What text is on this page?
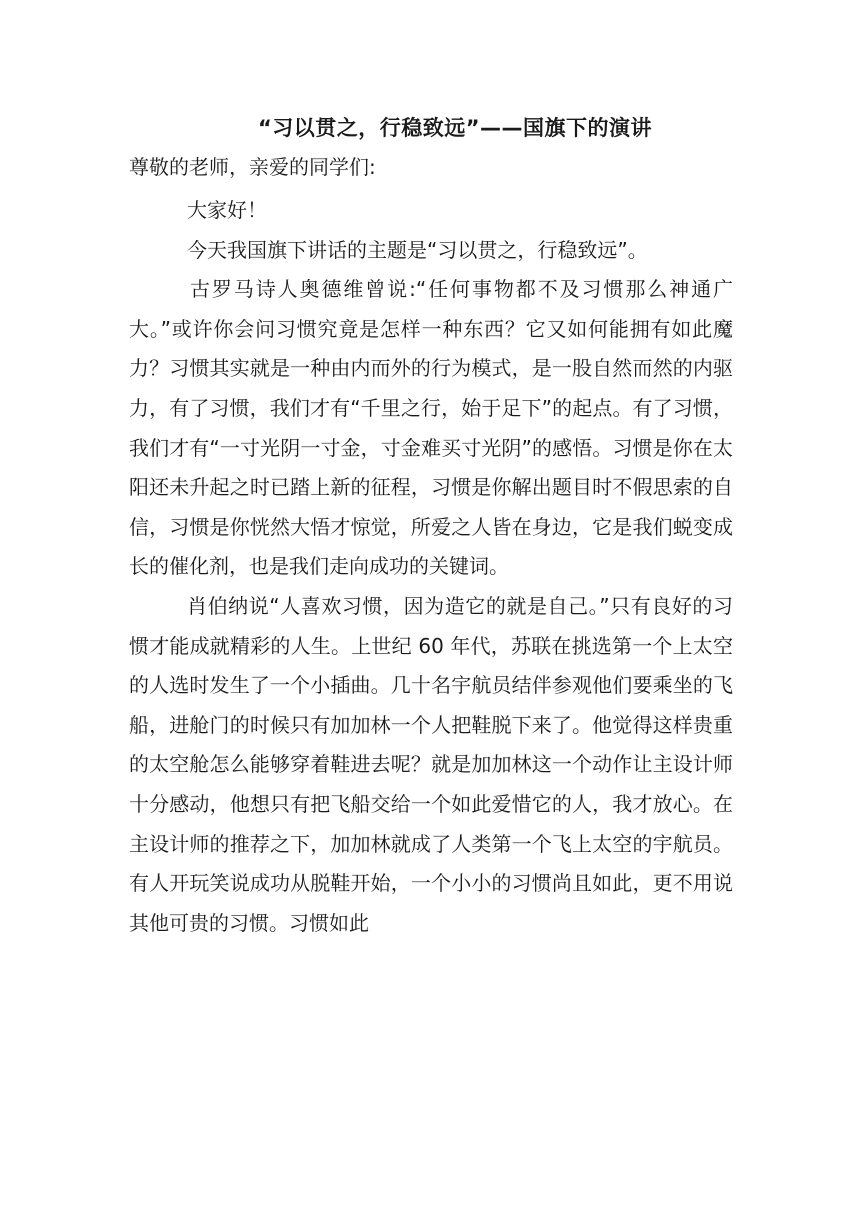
“习以贯之，行稳致远”——国旗下的演讲

尊敬的老师，亲爱的同学们:

大家好！

今天我国旗下讲话的主题是“习以贯之，行稳致远”。

古罗马诗人奥德维曾说:“任何事物都不及习惯那么神通广大。”或许你会问习惯究竟是怎样一种东西？它又如何能拥有如此魔力？习惯其实就是一种由内而外的行为模式，是一股自然而然的内驱力，有了习惯，我们才有“千里之行，始于足下”的起点。有了习惯，我们才有“一寸光阴一寸金，寸金难买寸光阴”的感悟。习惯是你在太阳还未升起之时已踏上新的征程，习惯是你解出题目时不假思索的自信，习惯是你恍然大悟才惊觉，所爱之人皆在身边，它是我们蜕变成长的催化剂，也是我们走向成功的关键词。

肖伯纳说“人喜欢习惯，因为造它的就是自己。”只有良好的习惯才能成就精彩的人生。上世纪 60 年代，苏联在挑选第一个上太空的人选时发生了一个小插曲。几十名宇航员结伴参观他们要乘坐的飞船，进舱门的时候只有加加林一个人把鞋脱下来了。他觉得这样贵重的太空舱怎么能够穿着鞋进去呢？就是加加林这一个动作让主设计师十分感动，他想只有把飞船交给一个如此爱惜它的人，我才放心。在主设计师的推荐之下，加加林就成了人类第一个飞上太空的宇航员。有人开玩笑说成功从脱鞋开始，一个小小的习惯尚且如此，更不用说其他可贵的习惯。习惯如此
